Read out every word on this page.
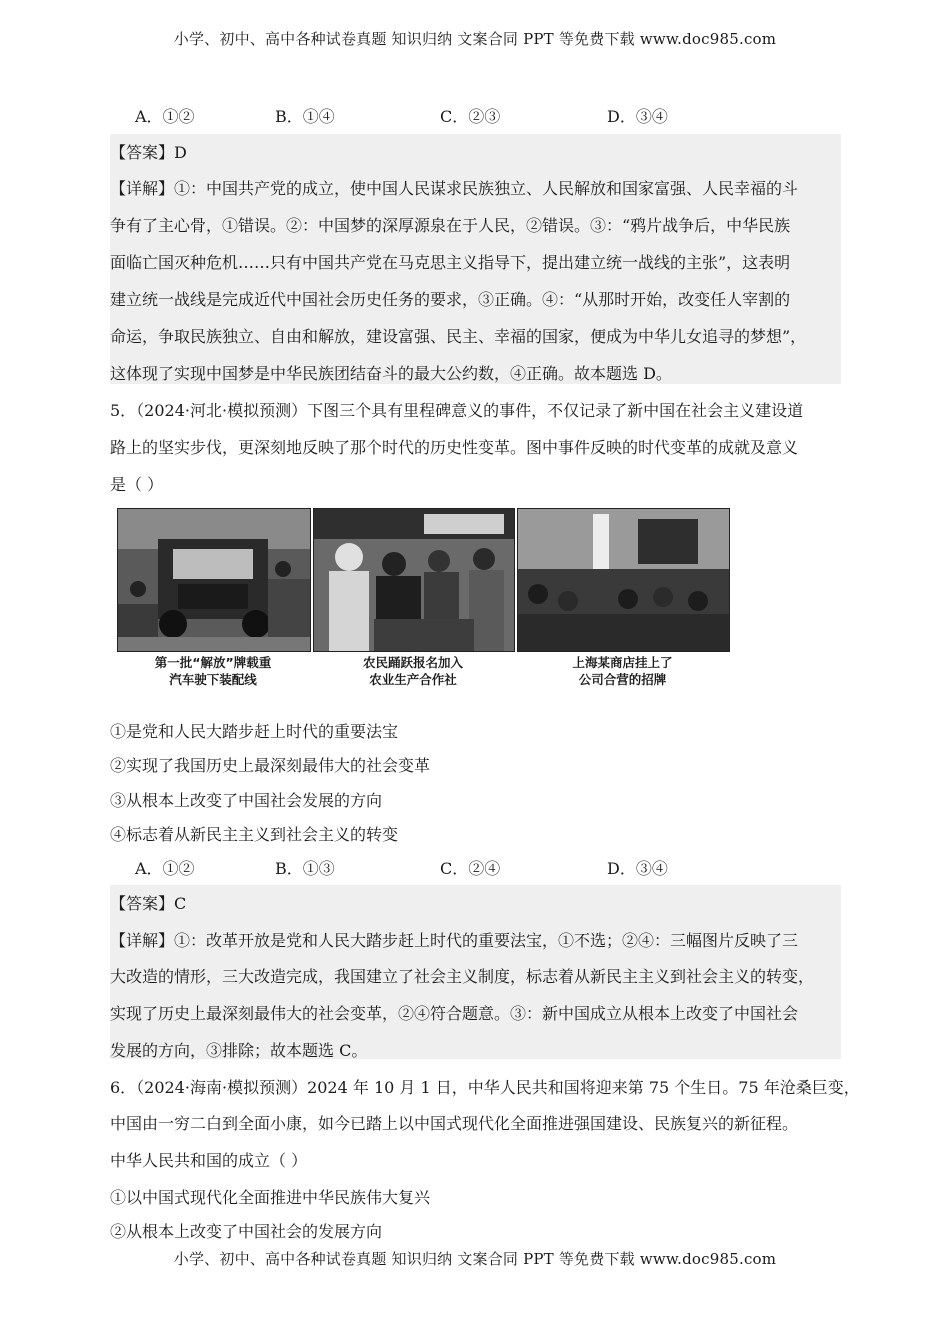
小学、初中、高中各种试卷真题 知识归纳 文案合同 PPT 等免费下载 www.doc985.com
A．①②	B．①④	C．②③	D．③④
【答案】D
【详解】①：中国共产党的成立，使中国人民谋求民族独立、人民解放和国家富强、人民幸福的斗
争有了主心骨，①错误。②：中国梦的深厚源泉在于人民，②错误。③：“鸦片战争后，中华民族
面临亡国灭种危机……只有中国共产党在马克思主义指导下，提出建立统一战线的主张”，这表明
建立统一战线是完成近代中国社会历史任务的要求，③正确。④：“从那时开始，改变任人宰割的
命运，争取民族独立、自由和解放，建设富强、民主、幸福的国家，便成为中华儿女追寻的梦想”，
这体现了实现中国梦是中华民族团结奋斗的最大公约数，④正确。故本题选 D。
5．（2024·河北·模拟预测）下图三个具有里程碑意义的事件，不仅记录了新中国在社会主义建设道
路上的坚实步伐，更深刻地反映了那个时代的历史性变革。图中事件反映的时代变革的成就及意义
是（ ）
第一批“解放”牌载重
汽车驶下装配线
农民踊跃报名加入
农业生产合作社
上海某商店挂上了
公司合营的招牌
①是党和人民大踏步赶上时代的重要法宝
②实现了我国历史上最深刻最伟大的社会变革
③从根本上改变了中国社会发展的方向
④标志着从新民主主义到社会主义的转变
A．①②	B．①③	C．②④	D．③④
【答案】C
【详解】①：改革开放是党和人民大踏步赶上时代的重要法宝，①不选；②④：三幅图片反映了三
大改造的情形，三大改造完成，我国建立了社会主义制度，标志着从新民主主义到社会主义的转变，
实现了历史上最深刻最伟大的社会变革，②④符合题意。③：新中国成立从根本上改变了中国社会
发展的方向，③排除；故本题选 C。
6．（2024·海南·模拟预测）2024 年 10 月 1 日，中华人民共和国将迎来第 75 个生日。75 年沧桑巨变，
中国由一穷二白到全面小康，如今已踏上以中国式现代化全面推进强国建设、民族复兴的新征程。
中华人民共和国的成立（ ）
①以中国式现代化全面推进中华民族伟大复兴
②从根本上改变了中国社会的发展方向
小学、初中、高中各种试卷真题 知识归纳 文案合同 PPT 等免费下载 www.doc985.com
